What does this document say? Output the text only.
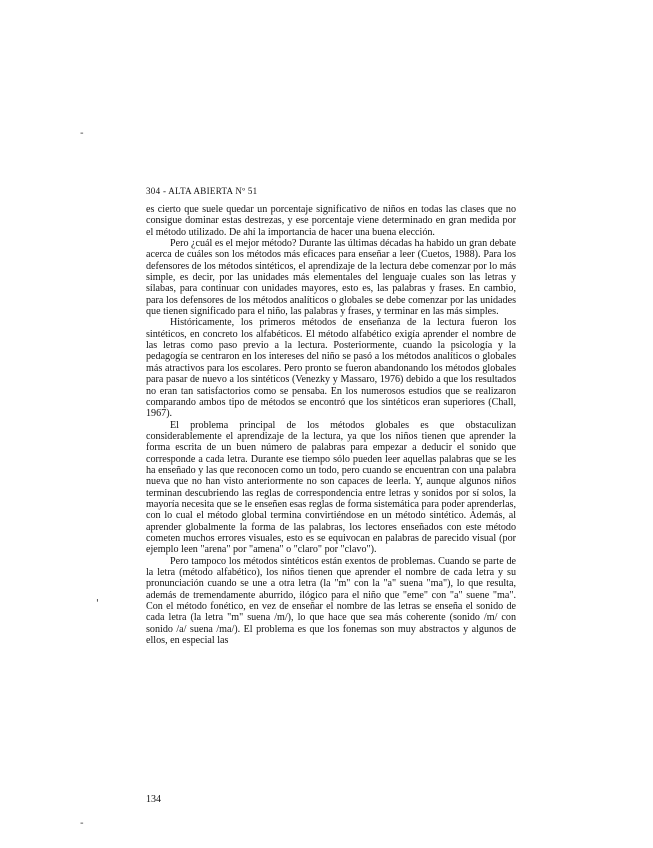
-
'
-
304 - ALTA ABIERTA Nº 51

es cierto que suele quedar un porcentaje significativo de niños en todas las clases que no consigue dominar estas destrezas, y ese porcentaje viene determinado en gran medida por el método utilizado. De ahí la importancia de hacer una buena elección.

Pero ¿cuál es el mejor método? Durante las últimas décadas ha habido un gran debate acerca de cuáles son los métodos más eficaces para enseñar a leer (Cuetos, 1988). Para los defensores de los métodos sintéticos, el aprendizaje de la lectura debe comenzar por lo más simple, es decir, por las unidades más elementales del lenguaje cuales son las letras y sílabas, para continuar con unidades mayores, esto es, las palabras y frases. En cambio, para los defensores de los métodos analíticos o globales se debe comenzar por las unidades que tienen significado para el niño, las palabras y frases, y terminar en las más simples.

Históricamente, los primeros métodos de enseñanza de la lectura fueron los sintéticos, en concreto los alfabéticos. El método alfabético exigía aprender el nombre de las letras como paso previo a la lectura. Posteriormente, cuando la psicología y la pedagogía se centraron en los intereses del niño se pasó a los métodos analíticos o globales más atractivos para los escolares. Pero pronto se fueron abandonando los métodos globales para pasar de nuevo a los sintéticos (Venezky y Massaro, 1976) debido a que los resultados no eran tan satisfactorios como se pensaba. En los numerosos estudios que se realizaron comparando ambos tipo de métodos se encontró que los sintéticos eran superiores (Chall, 1967).

El problema principal de los métodos globales es que obstaculizan considerablemente el aprendizaje de la lectura, ya que los niños tienen que aprender la forma escrita de un buen número de palabras para empezar a deducir el sonido que corresponde a cada letra. Durante ese tiempo sólo pueden leer aquellas palabras que se les ha enseñado y las que reconocen como un todo, pero cuando se encuentran con una palabra nueva que no han visto anteriormente no son capaces de leerla. Y, aunque algunos niños terminan descubriendo las reglas de correspondencia entre letras y sonidos por sí solos, la mayoría necesita que se le enseñen esas reglas de forma sistemática para poder aprenderlas, con lo cual el método global termina convirtiéndose en un método sintético. Además, al aprender globalmente la forma de las palabras, los lectores enseñados con este método cometen muchos errores visuales, esto es se equivocan en palabras de parecido visual (por ejemplo leen "arena" por "amena" o "claro" por "clavo").

Pero tampoco los métodos sintéticos están exentos de problemas. Cuando se parte de la letra (método alfabético), los niños tienen que aprender el nombre de cada letra y su pronunciación cuando se une a otra letra (la "m" con la "a" suena "ma"), lo que resulta, además de tremendamente aburrido, ilógico para el niño que "eme" con "a" suene "ma". Con el método fonético, en vez de enseñar el nombre de las letras se enseña el sonido de cada letra (la letra "m" suena /m/), lo que hace que sea más coherente (sonido /m/ con sonido /a/ suena /ma/). El problema es que los fonemas son muy abstractos y algunos de ellos, en especial las

134
